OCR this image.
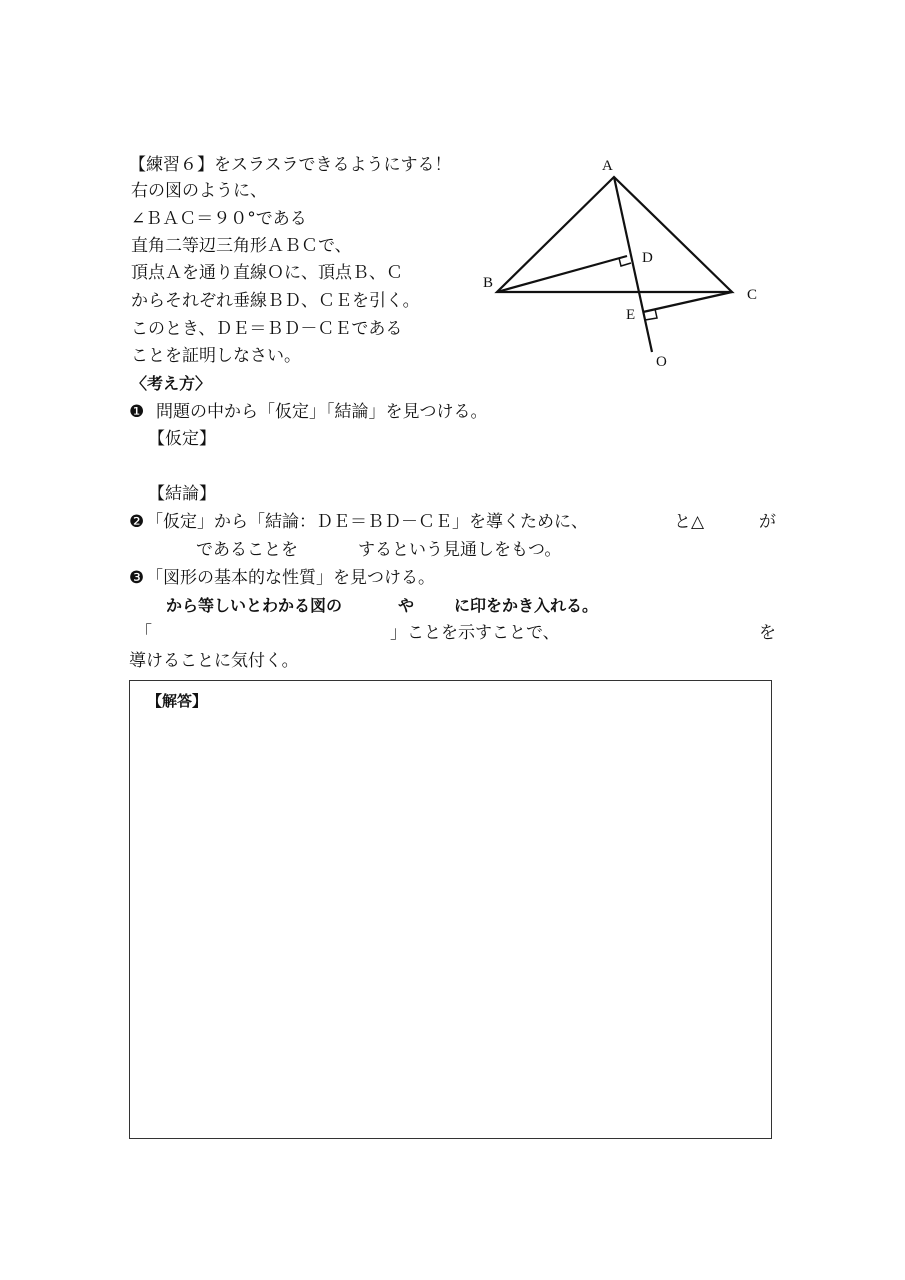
【練習６】をスラスラできるようにする！
右の図のように、
∠ＢＡＣ＝９０°である
直角二等辺三角形ＡＢＣで、
頂点Ａを通り直線Ｏに、頂点Ｂ、Ｃ
からそれぞれ垂線ＢＤ、ＣＥを引く。
このとき、ＤＥ＝ＢＤ－ＣＥである
ことを証明しなさい。
A
B
C
D
E
O
〈考え方〉
❶ 問題の中から「仮定」「結論」を見つける。
【仮定】
【結論】
❷ 「仮定」から「結論：ＤＥ＝ＢＤ－ＣＥ」を導くために、	と△	が
であることを	するという見通しをもつ。
❸ 「図形の基本的な性質」を見つける。
から等しいとわかる図の	や に印をかき入れる。
「	」ことを示すことで、	を
導けることに気付く。
【解答】
